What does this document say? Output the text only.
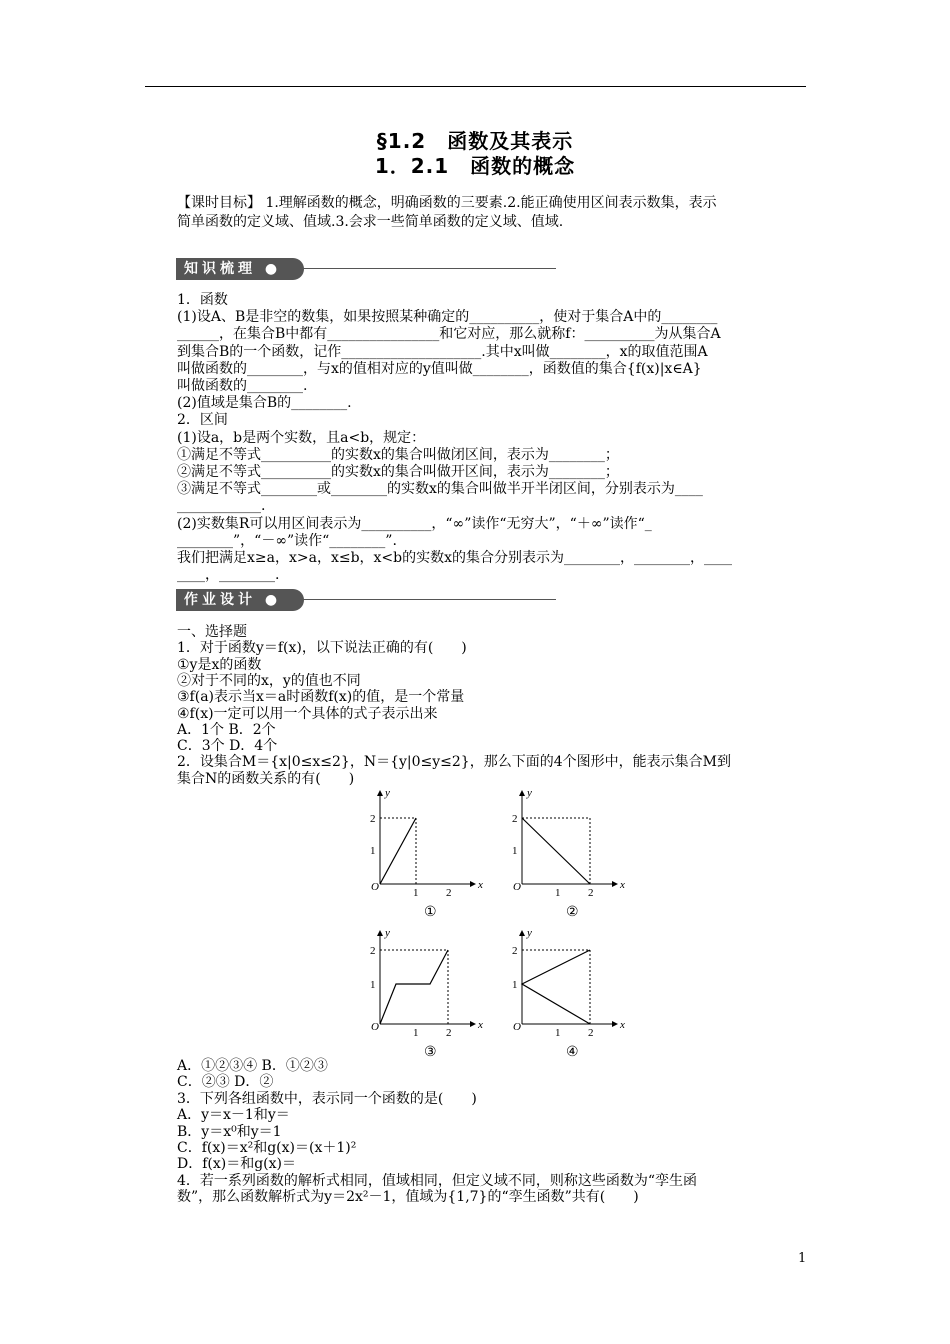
§1.2　函数及其表示
1．2.1　函数的概念
【课时目标】 1.理解函数的概念，明确函数的三要素.2.能正确使用区间表示数集，表示
简单函数的定义域、值域.3.会求一些简单函数的定义域、值域.
知识梳理 ●
1．函数
(1)设A、B是非空的数集，如果按照某种确定的__________，使对于集合A中的________
______，在集合B中都有________________和它对应，那么就称f：__________为从集合A
到集合B的一个函数，记作____________________.其中x叫做________，x的取值范围A
叫做函数的________，与x的值相对应的y值叫做________，函数值的集合{f(x)|x∈A}
叫做函数的________.
(2)值域是集合B的________.
2．区间
(1)设a，b是两个实数，且a<b，规定：
①满足不等式__________的实数x的集合叫做闭区间，表示为________；
②满足不等式__________的实数x的集合叫做开区间，表示为________；
③满足不等式________或________的实数x的集合叫做半开半闭区间，分别表示为____
____________.
(2)实数集R可以用区间表示为__________，“∞”读作“无穷大”，“＋∞”读作“_
________”，“－∞”读作“________”.
我们把满足x≥a，x>a，x≤b，x<b的实数x的集合分别表示为________，________，____
____，________.
作业设计 ●
一、选择题
1．对于函数y＝f(x)，以下说法正确的有(　　)
①y是x的函数
②对于不同的x，y的值也不同
③f(a)表示当x＝a时函数f(x)的值，是一个常量
④f(x)一定可以用一个具体的式子表示出来
A．1个 B．2个
C．3个 D．4个
2．设集合M＝{x|0≤x≤2}，N＝{y|0≤y≤2}，那么下面的4个图形中，能表示集合M到
集合N的函数关系的有(　　)
y
x
O
1
2
1	2
①
y
x
O
1
2
1	2
②
y
x
O
1
2
1	2
③
y
x
O
1
2
1	2
④
A．①②③④ B．①②③
C．②③ D．②
3．下列各组函数中，表示同一个函数的是(　　)
A．y＝x－1和y＝
B．y＝x⁰和y＝1
C．f(x)＝x²和g(x)＝(x＋1)²
D．f(x)＝和g(x)＝
4．若一系列函数的解析式相同，值域相同，但定义域不同，则称这些函数为“孪生函
数”，那么函数解析式为y＝2x²－1，值域为{1,7}的“孪生函数”共有(　　)
1
